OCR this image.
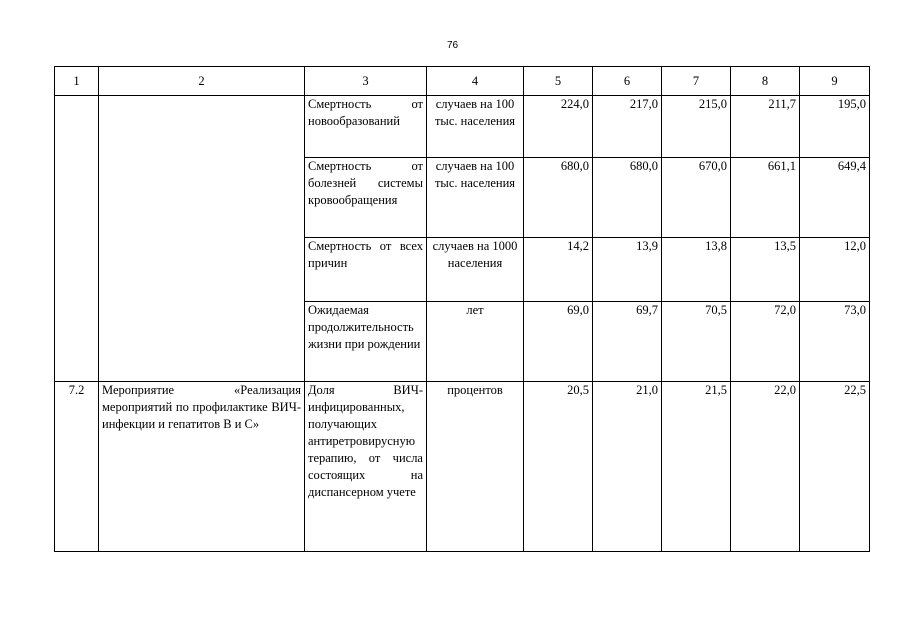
76
1	2	3	4	5	6	7	8	9
		Смертность от новообразований	случаев на 100 тыс. населения	224,0	217,0	215,0	211,7	195,0
		Смертность от болезней системы кровообращения	случаев на 100 тыс. населения	680,0	680,0	670,0	661,1	649,4
		Смертность от всех причин	случаев на 1000 населения	14,2	13,9	13,8	13,5	12,0
		Ожидаемая продолжительность жизни при рождении	лет	69,0	69,7	70,5	72,0	73,0
7.2	Мероприятие «Реализация мероприятий по профилактике ВИЧ-инфекции и гепатитов В и С»	Доля ВИЧ-инфицированных, получающих антиретровирусную терапию, от числа состоящих на диспансерном учете	процентов	20,5	21,0	21,5	22,0	22,5
